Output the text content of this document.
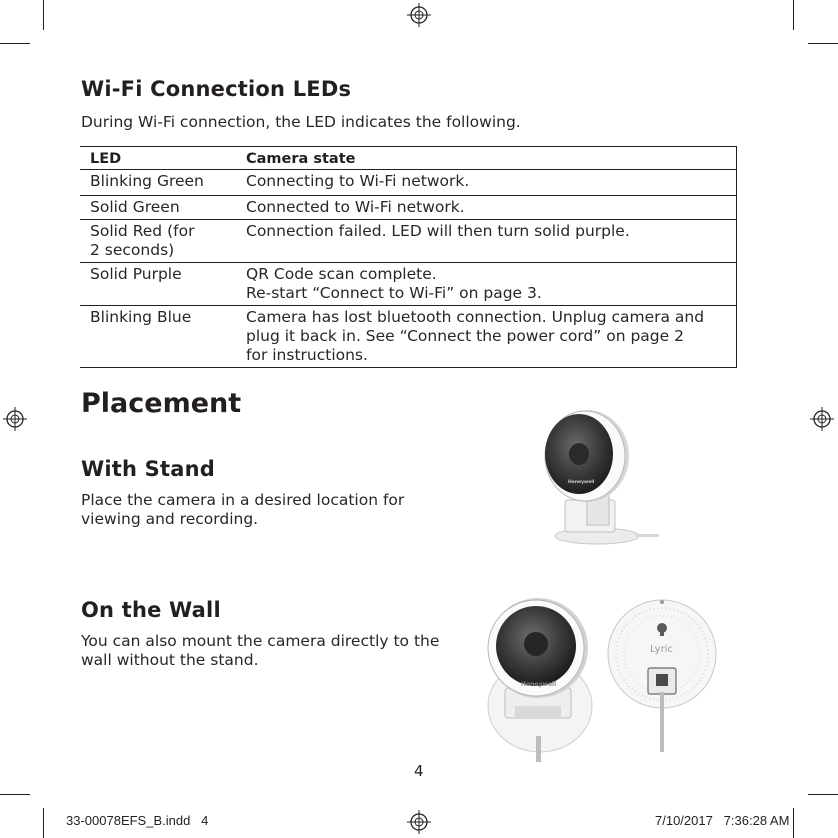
Wi-Fi Connection LEDs
During Wi-Fi connection, the LED indicates the following.
LED	Camera state
Blinking Green	Connecting to Wi-Fi network.
Solid Green	Connected to Wi-Fi network.
Solid Red (for
2 seconds)	Connection failed. LED will then turn solid purple.
Solid Purple	QR Code scan complete.
Re-start “Connect to Wi-Fi” on page 3.

Blinking Blue	Camera has lost bluetooth connection. Unplug camera and
plug it back in. See “Connect the power cord” on page 2
for instructions.
Placement
With Stand
Place the camera in a desired location for
viewing and recording.
On the Wall
You can also mount the camera directly to the
wall without the stand.
Honeywell
Honeywell
Lyric
4
33-00078EFS_B.indd   4	7/10/2017   7:36:28 AM
